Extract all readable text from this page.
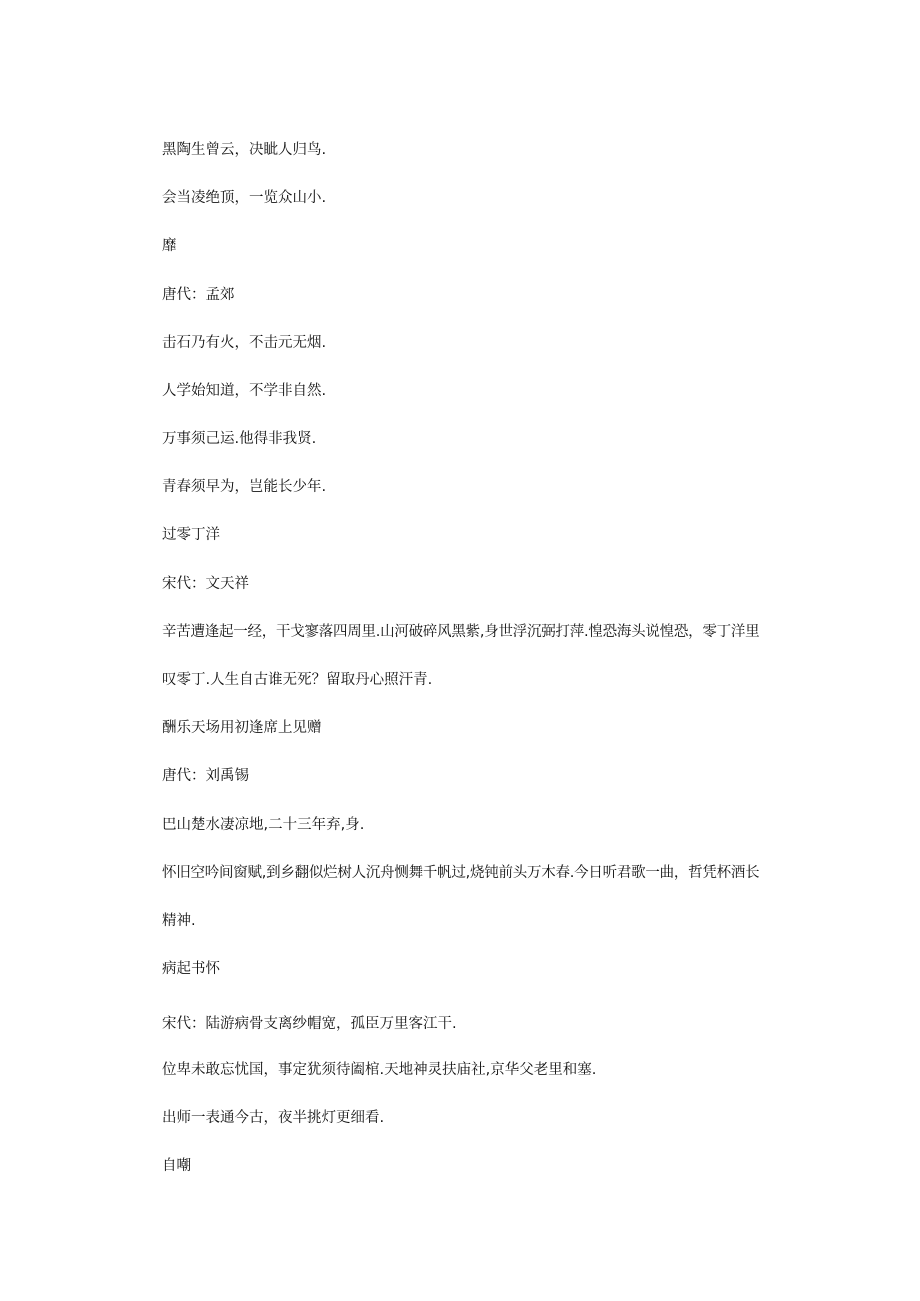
黑陶生曾云，决眦人归鸟.

会当凌绝顶，一览众山小.

靡

唐代：孟郊

击石乃有火，不击元无烟.

人学始知道，不学非自然.

万事须己运.他得非我贤.

青春须早为，岂能长少年.

过零丁洋

宋代：文天祥

辛苦遭逢起一经，干戈寥落四周里.山河破碎风黑紫,身世浮沉弼打萍.惶恐海头说惶恐，零丁洋里

叹零丁.人生自古谁无死？留取丹心照汗青.

酬乐天场用初逢席上见赠

唐代：刘禹锡

巴山楚水凄凉地,二十三年弃,身.

怀旧空吟间窗赋,到乡翻似烂树人沉舟恻舞千帆过,烧钝前头万木春.今日听君歌一曲，哲凭杯酒长

精神.

病起书怀

宋代：陆游病骨支离纱帽宽，孤臣万里客江干.

位卑未敢忘忧国，事定犹须待阖棺.天地神灵扶庙社,京华父老里和塞.

出师一表通今古，夜半挑灯更细看.

自嘲
